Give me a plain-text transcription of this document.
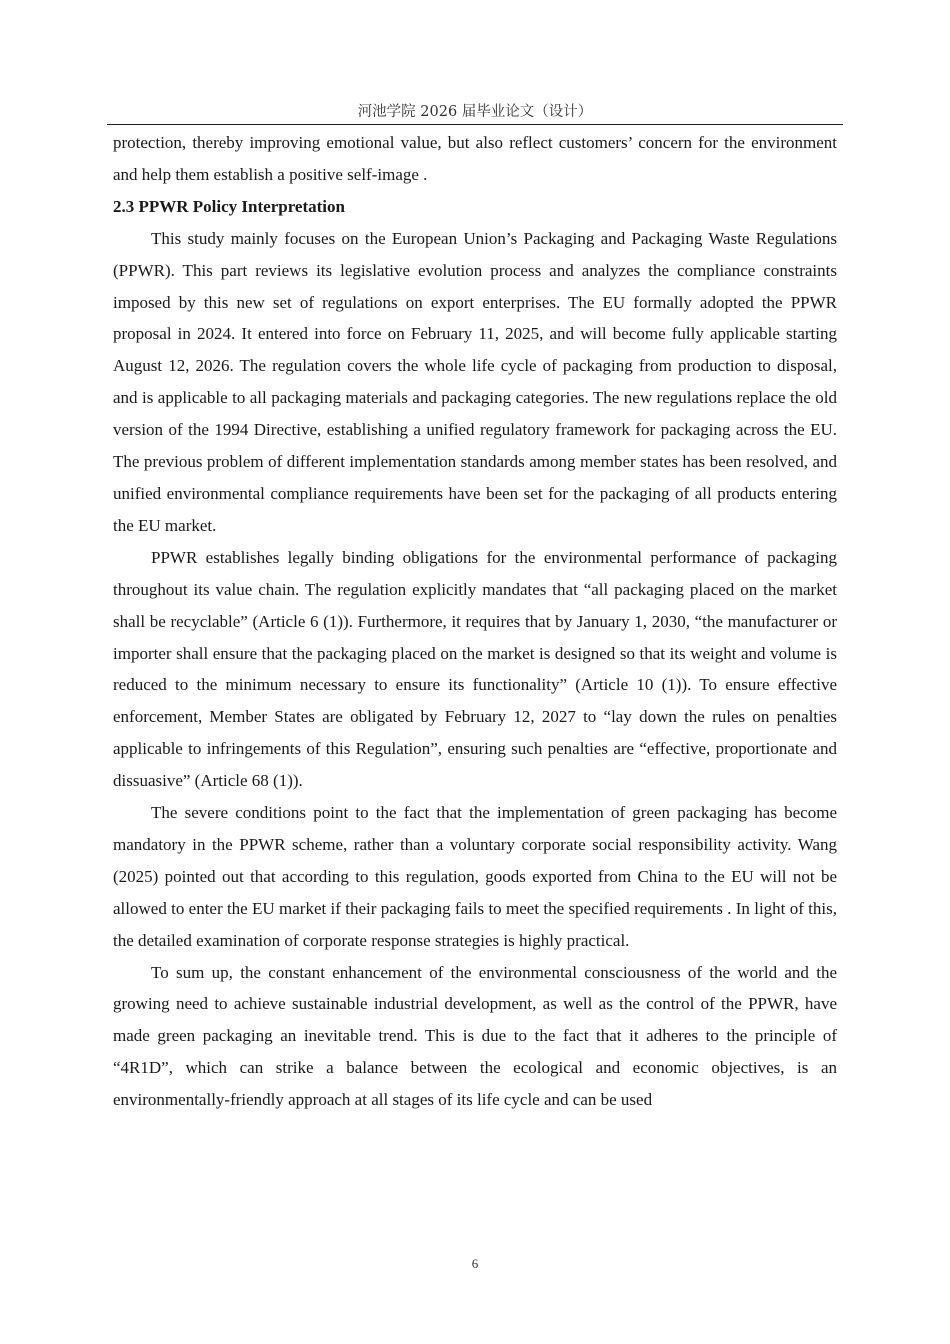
河池学院 2026 届毕业论文（设计）

protection, thereby improving emotional value, but also reflect customers’ concern for the environment and help them establish a positive self-image .

2.3 PPWR Policy Interpretation

This study mainly focuses on the European Union’s Packaging and Packaging Waste Regulations (PPWR). This part reviews its legislative evolution process and analyzes the compliance constraints imposed by this new set of regulations on export enterprises. The EU formally adopted the PPWR proposal in 2024. It entered into force on February 11, 2025, and will become fully applicable starting August 12, 2026. The regulation covers the whole life cycle of packaging from production to disposal, and is applicable to all packaging materials and packaging categories. The new regulations replace the old version of the 1994 Directive, establishing a unified regulatory framework for packaging across the EU. The previous problem of different implementation standards among member states has been resolved, and unified environmental compliance requirements have been set for the packaging of all products entering the EU market.

PPWR establishes legally binding obligations for the environmental performance of packaging throughout its value chain. The regulation explicitly mandates that “all packaging placed on the market shall be recyclable” (Article 6 (1)). Furthermore, it requires that by January 1, 2030, “the manufacturer or importer shall ensure that the packaging placed on the market is designed so that its weight and volume is reduced to the minimum necessary to ensure its functionality” (Article 10 (1)). To ensure effective enforcement, Member States are obligated by February 12, 2027 to “lay down the rules on penalties applicable to infringements of this Regulation”, ensuring such penalties are “effective, proportionate and dissuasive” (Article 68 (1)).

The severe conditions point to the fact that the implementation of green packaging has become mandatory in the PPWR scheme, rather than a voluntary corporate social responsibility activity. Wang (2025) pointed out that according to this regulation, goods exported from China to the EU will not be allowed to enter the EU market if their packaging fails to meet the specified requirements . In light of this, the detailed examination of corporate response strategies is highly practical.

To sum up, the constant enhancement of the environmental consciousness of the world and the growing need to achieve sustainable industrial development, as well as the control of the PPWR, have made green packaging an inevitable trend. This is due to the fact that it adheres to the principle of “4R1D”, which can strike a balance between the ecological and economic objectives, is an environmentally-friendly approach at all stages of its life cycle and can be used

6
